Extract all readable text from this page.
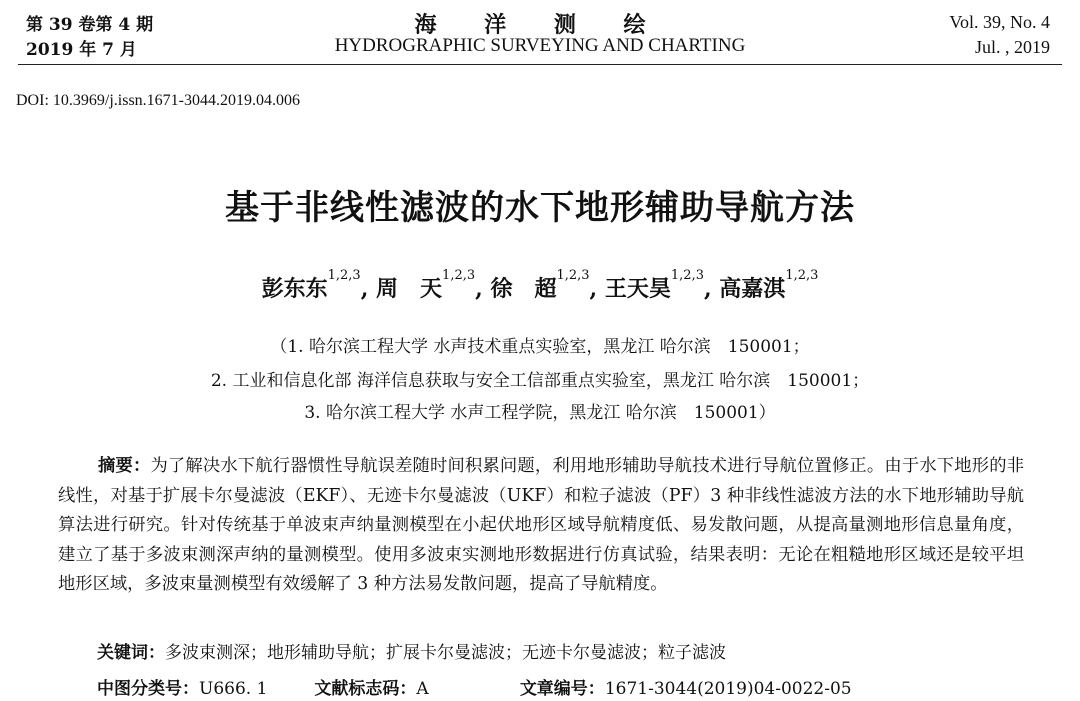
第 39 卷第 4 期
2019 年 7 月
海 洋 测 绘
HYDROGRAPHIC SURVEYING AND CHARTING
Vol. 39, No. 4
Jul. , 2019
DOI: 10.3969/j.issn.1671-3044.2019.04.006
基于非线性滤波的水下地形辅助导航方法
彭东东$^{1,2,3}$, 周　天$^{1,2,3}$, 徐　超$^{1,2,3}$, 王天昊$^{1,2,3}$, 高嘉淇$^{1,2,3}$
（1. 哈尔滨工程大学 水声技术重点实验室，黑龙江 哈尔滨　150001；
2. 工业和信息化部 海洋信息获取与安全工信部重点实验室，黑龙江 哈尔滨　150001；
3. 哈尔滨工程大学 水声工程学院，黑龙江 哈尔滨　150001）
摘要：为了解决水下航行器惯性导航误差随时间积累问题，利用地形辅助导航技术进行导航位置修正。由于水下地形的非线性，对基于扩展卡尔曼滤波（EKF）、无迹卡尔曼滤波（UKF）和粒子滤波（PF）3 种非线性滤波方法的水下地形辅助导航算法进行研究。针对传统基于单波束声纳量测模型在小起伏地形区域导航精度低、易发散问题，从提高量测地形信息量角度，建立了基于多波束测深声纳的量测模型。使用多波束实测地形数据进行仿真试验，结果表明：无论在粗糙地形区域还是较平坦地形区域，多波束量测模型有效缓解了 3 种方法易发散问题，提高了导航精度。
关键词：多波束测深；地形辅助导航；扩展卡尔曼滤波；无迹卡尔曼滤波；粒子滤波
中图分类号：U666. 1	文献标志码：A	文章编号：1671-3044(2019)04-0022-05
